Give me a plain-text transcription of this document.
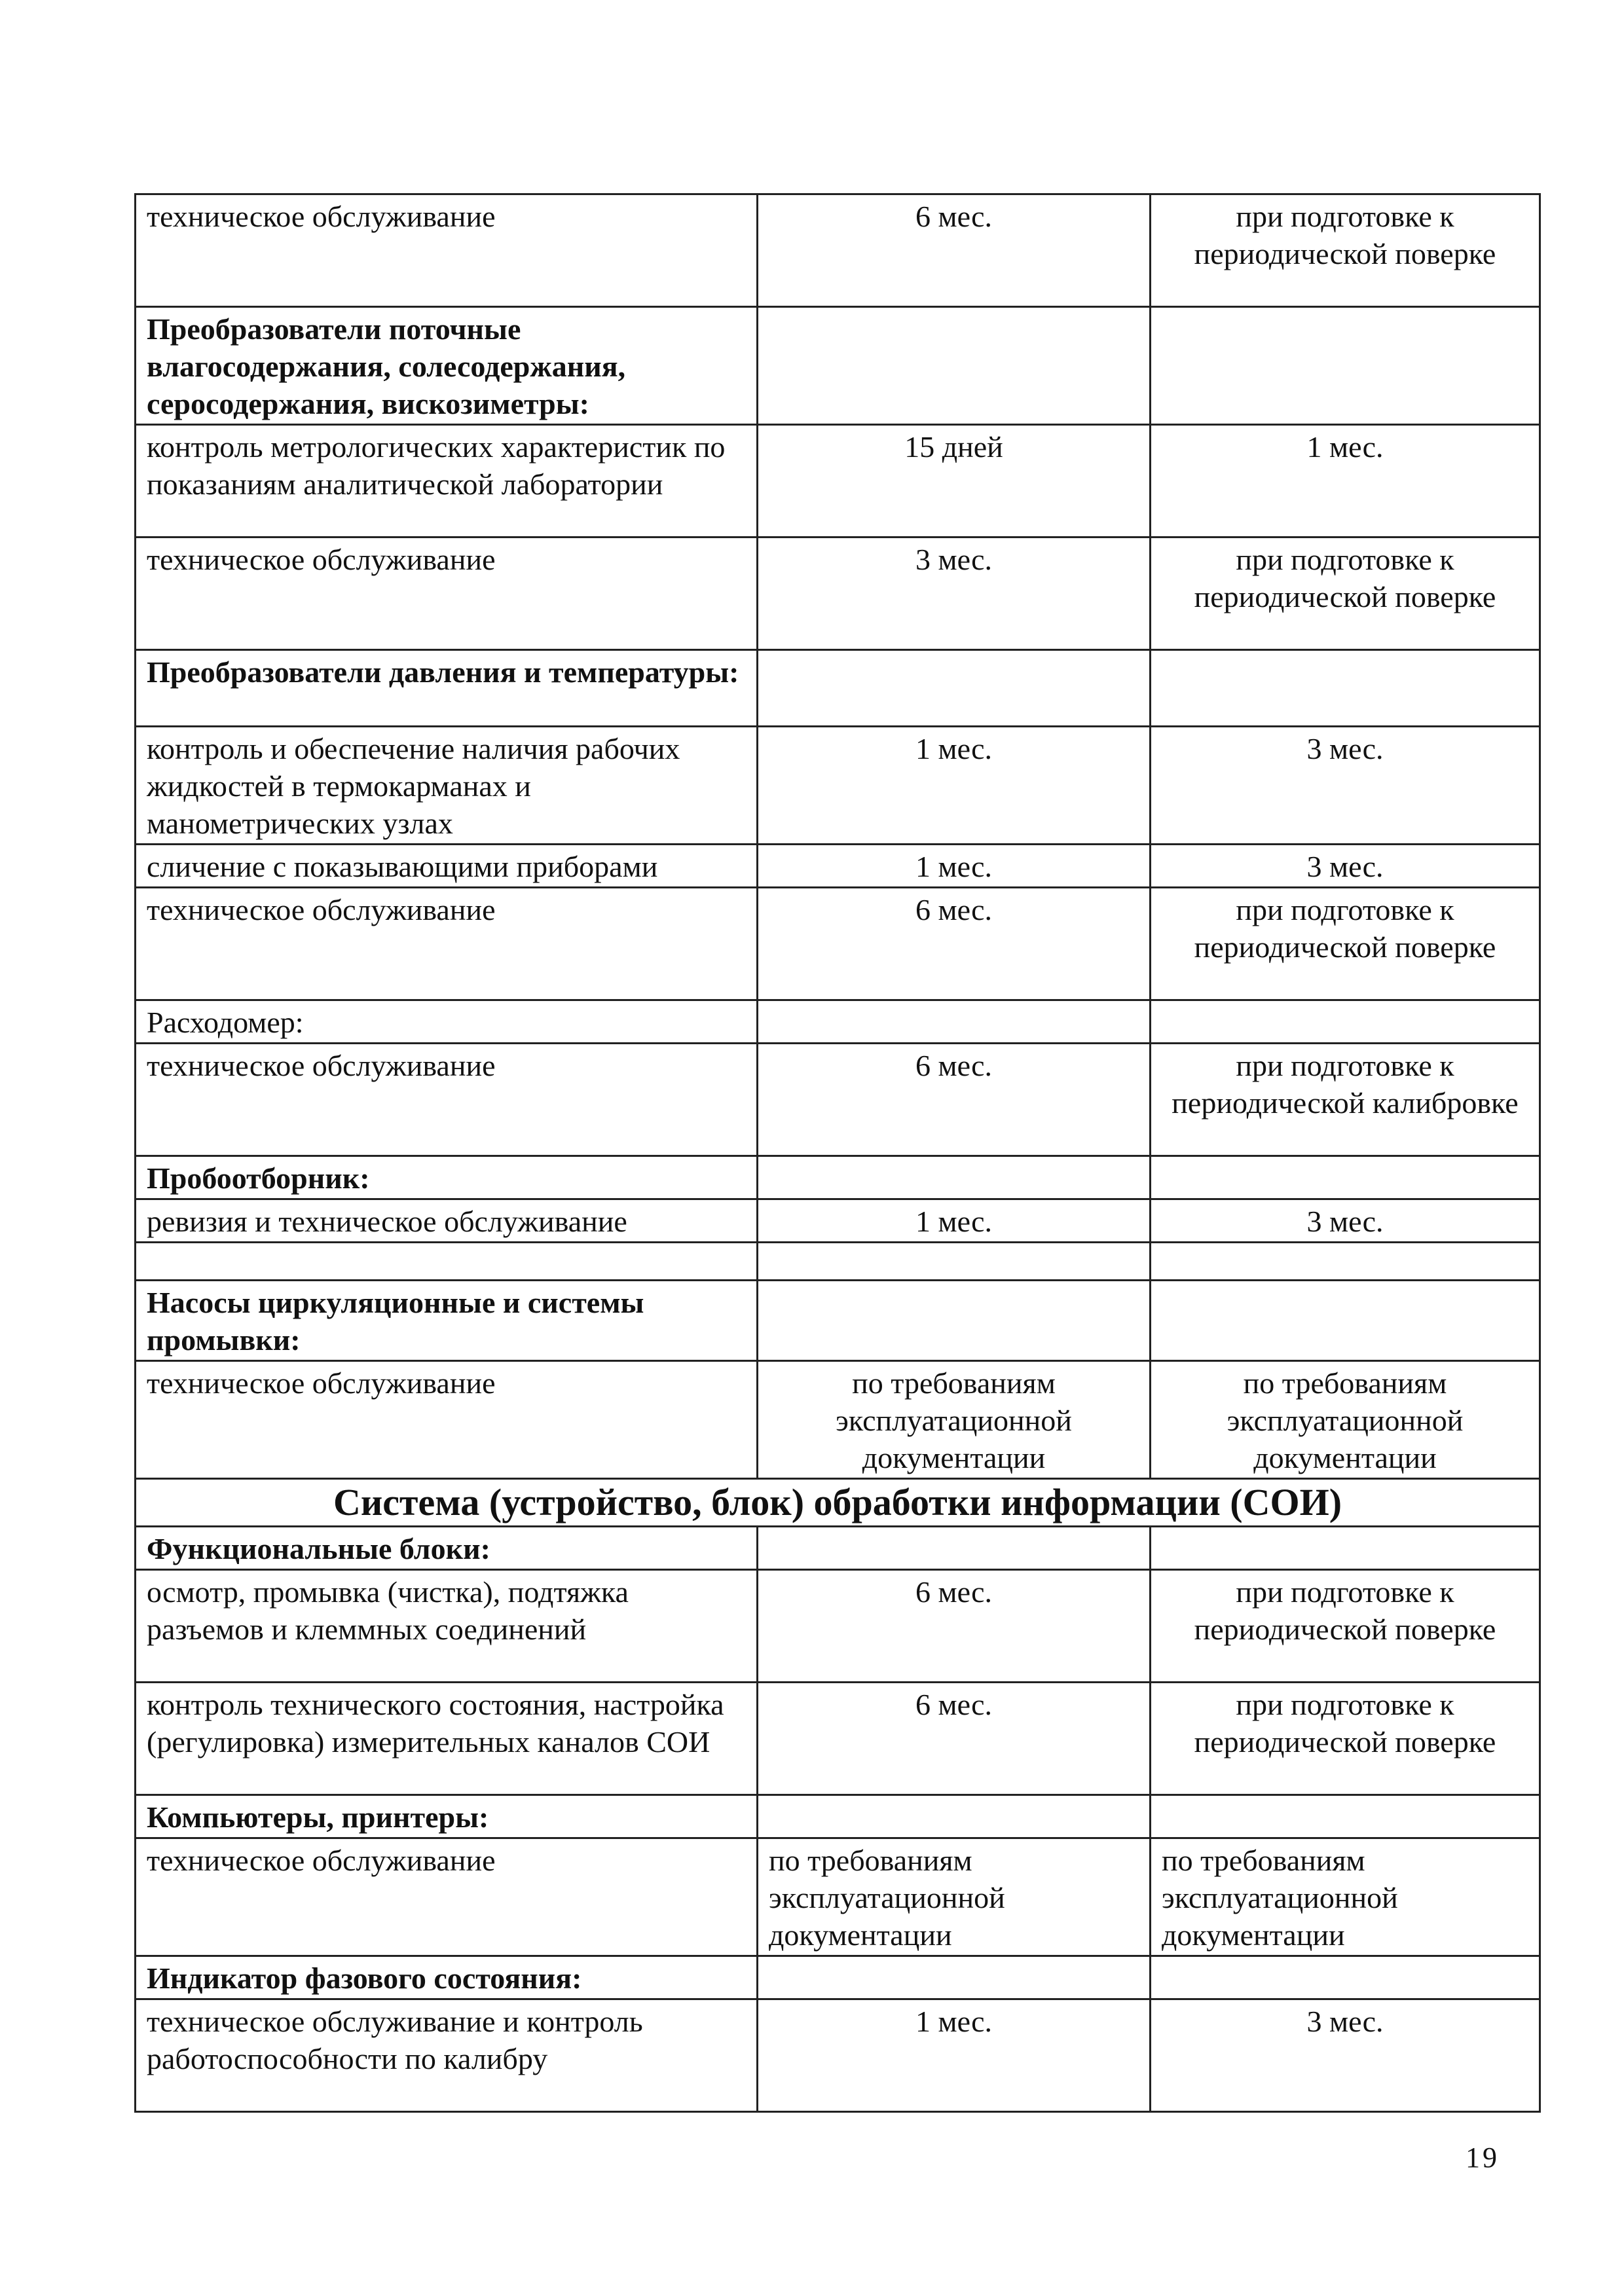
техническое обслуживание	6 мес.	при подготовке к периодической поверке
Преобразователи поточные влагосодержания, солесодержания, серосодержания, вискозиметры:		
контроль метрологических характеристик по показаниям аналитической лаборатории	15 дней	1 мес.
техническое обслуживание	3 мес.	при подготовке к периодической поверке
Преобразователи давления и температуры:		
контроль и обеспечение наличия рабочих жидкостей в термокарманах и манометрических узлах	1 мес.	3 мес.
сличение с показывающими приборами	1 мес.	3 мес.
техническое обслуживание	6 мес.	при подготовке к периодической поверке
Расходомер:		
техническое обслуживание	6 мес.	при подготовке к периодической калибровке
Пробоотборник:		
ревизия и техническое обслуживание	1 мес.	3 мес.

Насосы циркуляционные и системы промывки:		
техническое обслуживание	по требованиям эксплуатационной документации	по требованиям эксплуатационной документации
Система (устройство, блок) обработки информации (СОИ)		
Функциональные блоки:		
осмотр, промывка (чистка), подтяжка разъемов и клеммных соединений	6 мес.	при подготовке к периодической поверке
контроль технического состояния, настройка (регулировка) измерительных каналов СОИ	6 мес.	при подготовке к периодической поверке
Компьютеры, принтеры:		
техническое обслуживание	по требованиям эксплуатационной документации	по требованиям эксплуатационной документации
Индикатор фазового состояния:		
техническое обслуживание и контроль работоспособности по калибру	1 мес.	3 мес.
19
